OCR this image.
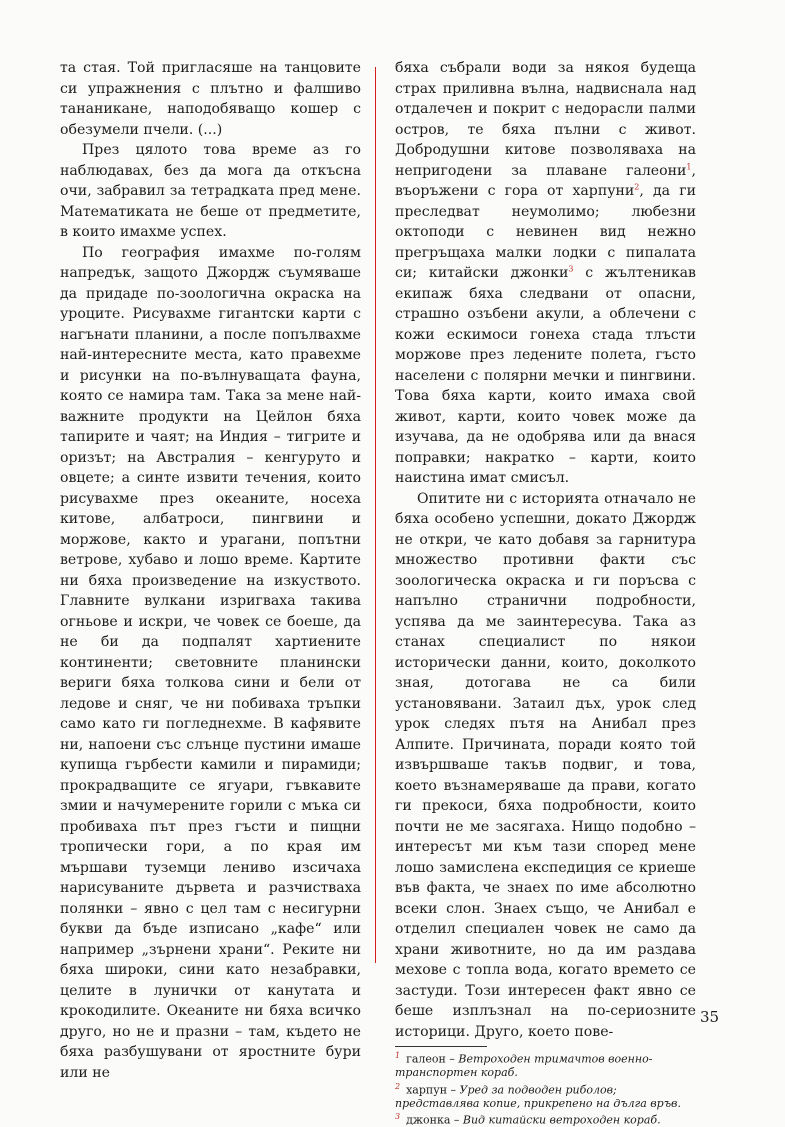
та стая. Той пригласяше на танцовите си упражнения с плътно и фалшиво тананикане, наподобяващо кошер с обезумели пчели. (...)

През цялото това време аз го наблюдавах, без да мога да откъсна очи, забравил за тетрадката пред мене. Математиката не беше от предметите, в които имахме успех.

По география имахме по-голям напредък, защото Джордж съумяваше да придаде по-зоологична окраска на уроците. Рисувахме гигантски карти с нагънати планини, а после попълвахме най-интересните места, като правехме и рисунки на по-вълнуващата фауна, която се намира там. Така за мене най-важните продукти на Цейлон бяха тапирите и чаят; на Индия – тигрите и оризът; на Австралия – кенгуруто и овцете; а синте извити течения, които рисувахме през океаните, носеха китове, албатроси, пингвини и моржове, както и урагани, попътни ветрове, хубаво и лошо време. Картите ни бяха произведение на изкуството. Главните вулкани изригваха такива огньове и искри, че човек се боеше, да не би да подпалят хартиените континенти; световните планински вериги бяха толкова сини и бели от ледове и сняг, че ни побиваха тръпки само като ги погледнехме. В кафявите ни, напоени със слънце пустини имаше купища гърбести камили и пирамиди; прокрадващите се ягуари, гъвкавите змии и начумерените горили с мъка си пробиваха път през гъсти и пищни тропически гори, а по края им мършави туземци лениво изсичаха нарисуваните дървета и разчистваха полянки – явно с цел там с несигурни букви да бъде изписано „кафе“ или например „зърнени храни“. Реките ни бяха широки, сини като незабравки, целите в лунички от канутата и крокодилите. Океаните ни бяха всичко друго, но не и празни – там, където не бяха разбушувани от яростните бури или не

бяха събрали води за някоя будеща страх приливна вълна, надвиснала над отдалечен и покрит с недорасли палми остров, те бяха пълни с живот. Добродушни китове позволяваха на непригодени за плаване галеони$^1$, въоръжени с гора от харпуни$^2$, да ги преследват неумолимо; любезни октоподи с невинен вид нежно прегръщаха малки лодки с пипалата си; китайски джонки$^3$ с жълтеникав екипаж бяха следвани от опасни, страшно озъбени акули, а облечени с кожи ескимоси гонеха стада тлъсти моржове през ледените полета, гъсто населени с полярни мечки и пингвини. Това бяха карти, които имаха свой живот, карти, които човек може да изучава, да не одобрява или да внася поправки; накратко – карти, които наистина имат смисъл.

Опитите ни с историята отначало не бяха особено успешни, докато Джордж не откри, че като добавя за гарнитура множество противни факти със зоологическа окраска и ги поръсва с напълно странични подробности, успява да ме заинтересува. Така аз станах специалист по някои исторически данни, които, доколкото зная, дотогава не са били установявани. Затаил дъх, урок след урок следях пътя на Анибал през Алпите. Причината, поради която той извършваше такъв подвиг, и това, което възнамеряваше да прави, когато ги прекоси, бяха подробности, които почти не ме засягаха. Нищо подобно – интересът ми към тази според мене лошо замислена експедиция се криеше във факта, че знаех по име абсолютно всеки слон. Знаех също, че Анибал е отделил специален човек не само да храни животните, но да им раздава мехове с топла вода, когато времето се застуди. Този интересен факт явно се беше изплъзнал на по-сериозните историци. Друго, което пове-

$^1$ галеон – Ветроходен тримачтов военно-транспортен кораб.
$^2$ харпун – Уред за подводен риболов; представлява копие, прикрепено на дълга връв.
$^3$ джонка – Вид китайски ветроходен кораб.
35
